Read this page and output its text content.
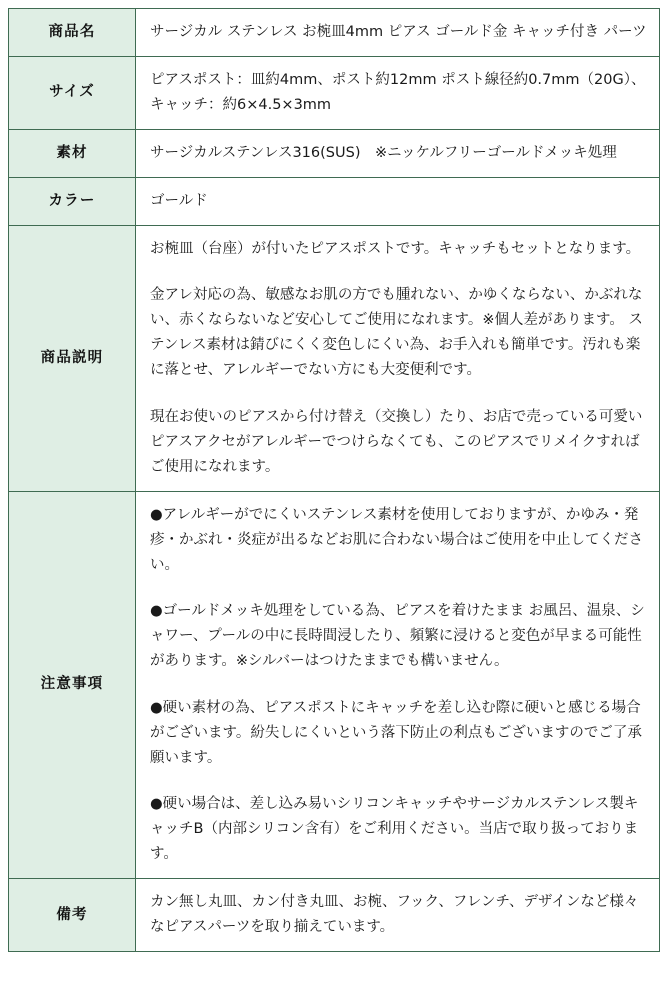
商品名	サージカル ステンレス お椀皿4mm ピアス ゴールド金 キャッチ付き パーツ

サイズ	ピアスポスト：皿約4mm、ポスト約12mm ポスト線径約0.7mm（20G）、キャッチ：約6×4.5×3mm

素材	サージカルステンレス316(SUS)　※ニッケルフリーゴールドメッキ処理

カラー	ゴールド

商品説明	お椀皿（台座）が付いたピアスポストです。キャッチもセットとなります。

金アレ対応の為、敏感なお肌の方でも腫れない、かゆくならない、かぶれない、赤くならないなど安心してご使用になれます。※個人差があります。 ステンレス素材は錆びにくく変色しにくい為、お手入れも簡単です。汚れも楽に落とせ、アレルギーでない方にも大変便利です。

現在お使いのピアスから付け替え（交換し）たり、お店で売っている可愛いピアスアクセがアレルギーでつけらなくても、このピアスでリメイクすればご使用になれます。

注意事項	●アレルギーがでにくいステンレス素材を使用しておりますが、かゆみ・発疹・かぶれ・炎症が出るなどお肌に合わない場合はご使用を中止してください。

●ゴールドメッキ処理をしている為、ピアスを着けたまま お風呂、温泉、シャワー、プールの中に長時間浸したり、頻繁に浸けると変色が早まる可能性があります。※シルバーはつけたままでも構いません。

●硬い素材の為、ピアスポストにキャッチを差し込む際に硬いと感じる場合がございます。紛失しにくいという落下防止の利点もございますのでご了承願います。

●硬い場合は、差し込み易いシリコンキャッチやサージカルステンレス製キャッチB（内部シリコン含有）をご利用ください。当店で取り扱っております。

備考	カン無し丸皿、カン付き丸皿、お椀、フック、フレンチ、デザインなど様々なピアスパーツを取り揃えています。
